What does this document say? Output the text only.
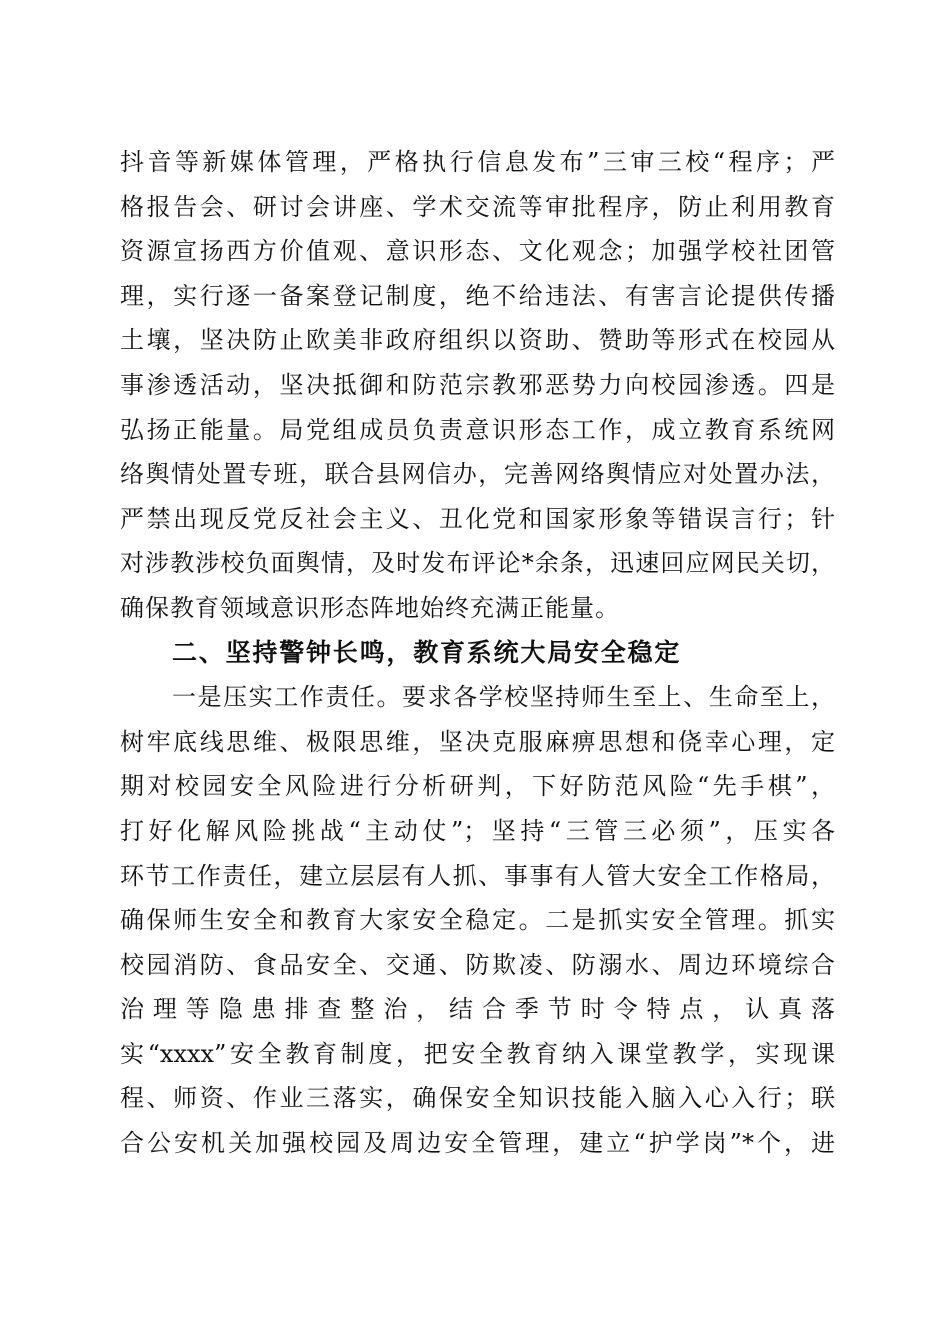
抖音等新媒体管理，严格执行信息发布”三审三校“程序；严
格报告会、研讨会讲座、学术交流等审批程序，防止利用教育
资源宣扬西方价值观、意识形态、文化观念；加强学校社团管
理，实行逐一备案登记制度，绝不给违法、有害言论提供传播
土壤，坚决防止欧美非政府组织以资助、赞助等形式在校园从
事渗透活动，坚决抵御和防范宗教邪恶势力向校园渗透。四是
弘扬正能量。局党组成员负责意识形态工作，成立教育系统网
络舆情处置专班，联合县网信办，完善网络舆情应对处置办法，
严禁出现反党反社会主义、丑化党和国家形象等错误言行；针
对涉教涉校负面舆情，及时发布评论*余条，迅速回应网民关切，
确保教育领域意识形态阵地始终充满正能量。
二、坚持警钟长鸣，教育系统大局安全稳定
一是压实工作责任。要求各学校坚持师生至上、生命至上，
树牢底线思维、极限思维，坚决克服麻痹思想和侥幸心理，定
期对校园安全风险进行分析研判，下好防范风险“先手棋”，
打好化解风险挑战“主动仗”；坚持“三管三必须”，压实各
环节工作责任，建立层层有人抓、事事有人管大安全工作格局，
确保师生安全和教育大家安全稳定。二是抓实安全管理。抓实
校园消防、食品安全、交通、防欺凌、防溺水、周边环境综合
治理等隐患排查整治，结合季节时令特点，认真落
实“xxxx”安全教育制度，把安全教育纳入课堂教学，实现课
程、师资、作业三落实，确保安全知识技能入脑入心入行；联
合公安机关加强校园及周边安全管理，建立“护学岗”*个，进
